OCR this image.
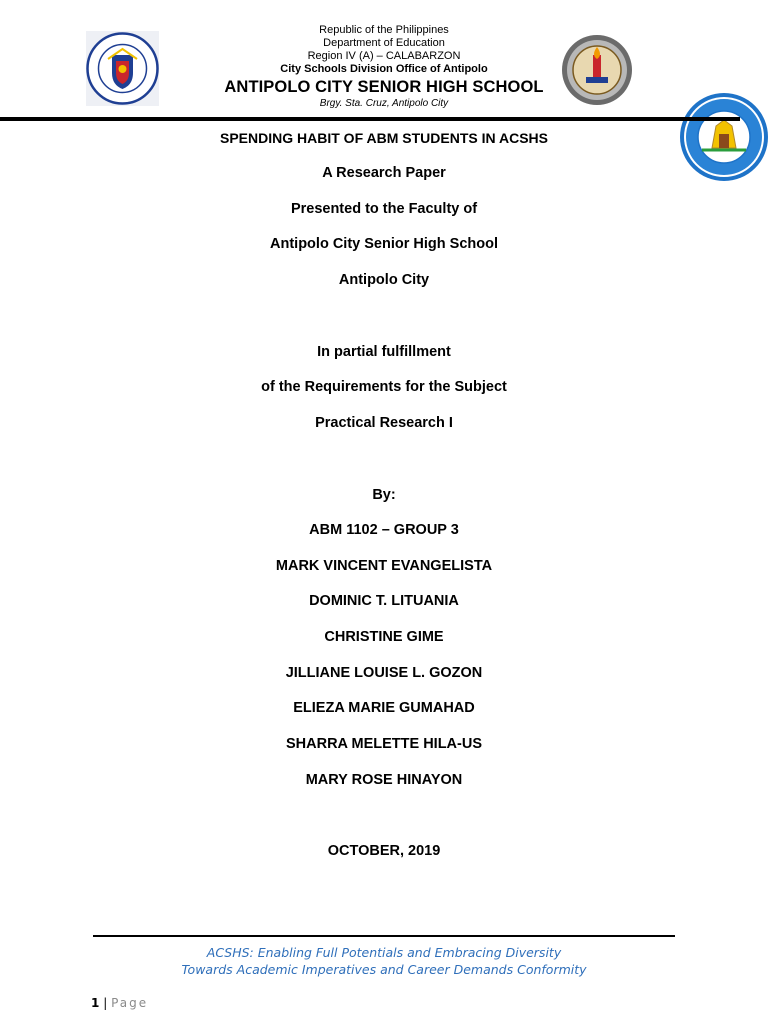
Republic of the Philippines
Department of Education
Region IV (A) – CALABARZON
City Schools Division Office of Antipolo
ANTIPOLO CITY SENIOR HIGH SCHOOL
Brgy. Sta. Cruz, Antipolo City
SPENDING HABIT OF ABM STUDENTS IN ACSHS
A Research Paper
Presented to the Faculty of
Antipolo City Senior High School
Antipolo City
In partial fulfillment
of the Requirements for the Subject
Practical Research I
By:
ABM 1102 – GROUP 3
MARK VINCENT EVANGELISTA
DOMINIC T. LITUANIA
CHRISTINE GIME
JILLIANE LOUISE L. GOZON
ELIEZA MARIE GUMAHAD
SHARRA MELETTE HILA-US
MARY ROSE HINAYON
OCTOBER, 2019
ACSHS: Enabling Full Potentials and Embracing Diversity
Towards Academic Imperatives and Career Demands Conformity
1 | Page
